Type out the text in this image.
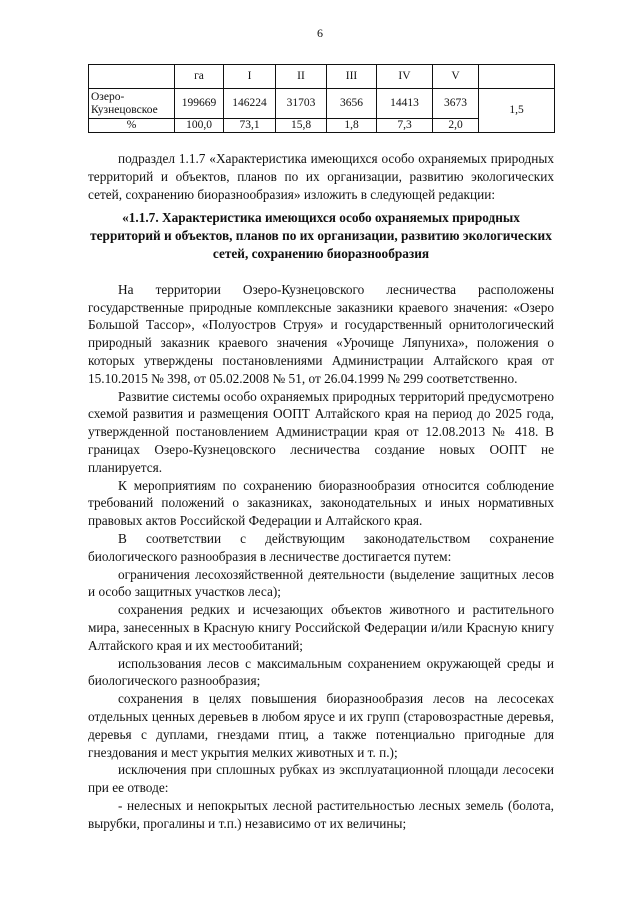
6
	га	I	II	III	IV	V	
Озеро-Кузнецовское	199669	146224	31703	3656	14413	3673	1,5
%	100,0	73,1	15,8	1,8	7,3	2,0	

подраздел 1.1.7 «Характеристика имеющихся особо охраняемых природных территорий и объектов, планов по их организации, развитию экологических сетей, сохранению биоразнообразия» изложить в следующей редакции:

«1.1.7. Характеристика имеющихся особо охраняемых природных территорий и объектов, планов по их организации, развитию экологических сетей, сохранению биоразнообразия

На территории Озеро-Кузнецовского лесничества расположены государственные природные комплексные заказники краевого значения: «Озеро Большой Тассор», «Полуостров Струя» и государственный орнитологический природный заказник краевого значения «Урочище Ляпуниха», положения о которых утверждены постановлениями Администрации Алтайского края от 15.10.2015 № 398, от 05.02.2008 № 51, от 26.04.1999 № 299 соответственно.

Развитие системы особо охраняемых природных территорий предусмотрено схемой развития и размещения ООПТ Алтайского края на период до 2025 года, утвержденной постановлением Администрации края от 12.08.2013 № 418. В границах Озеро-Кузнецовского лесничества создание новых ООПТ не планируется.

К мероприятиям по сохранению биоразнообразия относится соблюдение требований положений о заказниках, законодательных и иных нормативных правовых актов Российской Федерации и Алтайского края.

В соответствии с действующим законодательством сохранение биологического разнообразия в лесничестве достигается путем:

ограничения лесохозяйственной деятельности (выделение защитных лесов и особо защитных участков леса);

сохранения редких и исчезающих объектов животного и растительного мира, занесенных в Красную книгу Российской Федерации и/или Красную книгу Алтайского края и их местообитаний;

использования лесов с максимальным сохранением окружающей среды и биологического разнообразия;

сохранения в целях повышения биоразнообразия лесов на лесосеках отдельных ценных деревьев в любом ярусе и их групп (старовозрастные деревья, деревья с дуплами, гнездами птиц, а также потенциально пригодные для гнездования и мест укрытия мелких животных и т. п.);

исключения при сплошных рубках из эксплуатационной площади лесосеки при ее отводе:

- нелесных и непокрытых лесной растительностью лесных земель (болота, вырубки, прогалины и т.п.) независимо от их величины;
